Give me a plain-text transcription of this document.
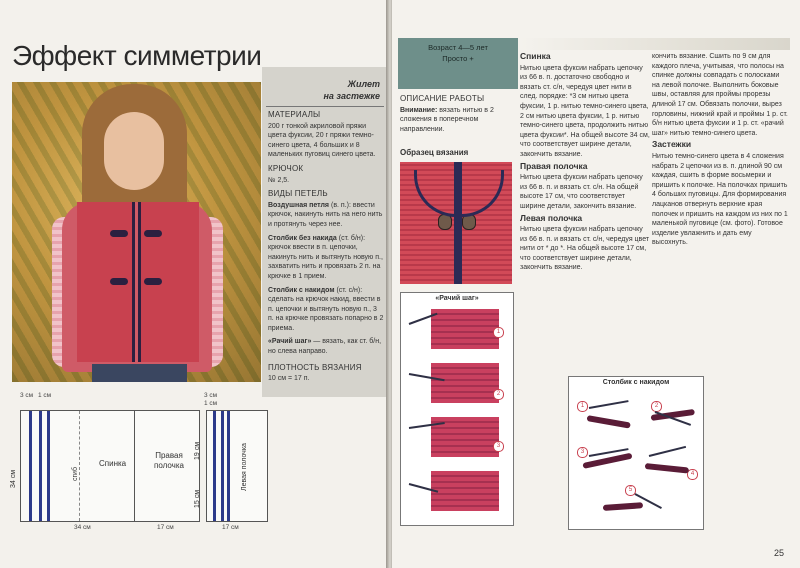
Эффект симметрии
Жилет
на застежке

МАТЕРИАЛЫ

200 г тонкой акриловой пряжи цвета фуксии, 20 г пряжи темно-синего цвета, 4 больших и 8 маленьких пуговиц синего цвета.

КРЮЧОК

№ 2,5.

ВИДЫ ПЕТЕЛЬ

Воздушная петля (в. п.): ввести крючок, накинуть нить на него нить и протянуть через нее.

Столбик без накида (ст. б/н): крючок ввести в п. цепочки, накинуть нить и вытянуть новую п., захватить нить и провязать 2 п. на крючке в 1 прием.

Столбик с накидом (ст. с/н): сделать на крючок накид, ввести в п. цепочки и вытянуть новую п., 3 п. на крючке провязать попарно в 2 приема.

«Рачий шаг» — вязать, как ст. б/н, но слева направо.

ПЛОТНОСТЬ ВЯЗАНИЯ

10 см = 17 п.

3 см 1 см
Спинка
сгиб
34 см
34 см
Правая полочка
17 см
3 см
1 см
Левая полочка
19 см
15 см
17 см
Возраст 4—5 лет
Просто +

ОПИСАНИЕ РАБОТЫ

Внимание: вязать нитью в 2 сложения в поперечном направлении.

Образец вязания
«Рачий шаг»
1
2
3

Спинка

Нитью цвета фуксии набрать цепочку из 66 в. п. достаточно свободно и вязать ст. с/н, чередуя цвет нити в след. порядке: *3 см нитью цвета фуксии, 1 р. нитью темно-синего цвета, 2 см нитью цвета фуксии, 1 р. нитью темно-синего цвета, продолжить нитью цвета фуксии*. На общей высоте 34 см, что соответствует ширине детали, закончить вязание.

Правая полочка

Нитью цвета фуксии набрать цепочку из 66 в. п. и вязать ст. с/н. На общей высоте 17 см, что соответствует ширине детали, закончить вязание.

Левая полочка

Нитью цвета фуксии набрать цепочку из 66 в. п. и вязать ст. с/н, чередуя цвет нити от * до *. На общей высоте 17 см, что соответствует ширине детали, закончить вязание.

кончить вязание. Сшить по 9 см для каждого плеча, учитывая, что полосы на спинке должны совпадать с полосками на левой полочке. Выполнить боковые швы, оставляя для проймы прорезы длиной 17 см. Обвязать полочки, вырез горловины, нижний край и проймы 1 р. ст. б/н нитью цвета фуксии и 1 р. ст. «рачий шаг» нитью темно-синего цвета.

Застежки

Нитью темно-синего цвета в 4 сложения набрать 2 цепочки из в. п. длиной 90 см каждая, сшить в форме восьмерки и пришить к полочке. На полочках пришить 4 больших пуговицы. Для формирования лацканов отвернуть верхние края полочек и пришить на каждом из них по 1 маленькой пуговице (см. фото). Готовое изделие увлажнить и дать ему высохнуть.

Столбик с накидом
1	2
3
4
5
25
